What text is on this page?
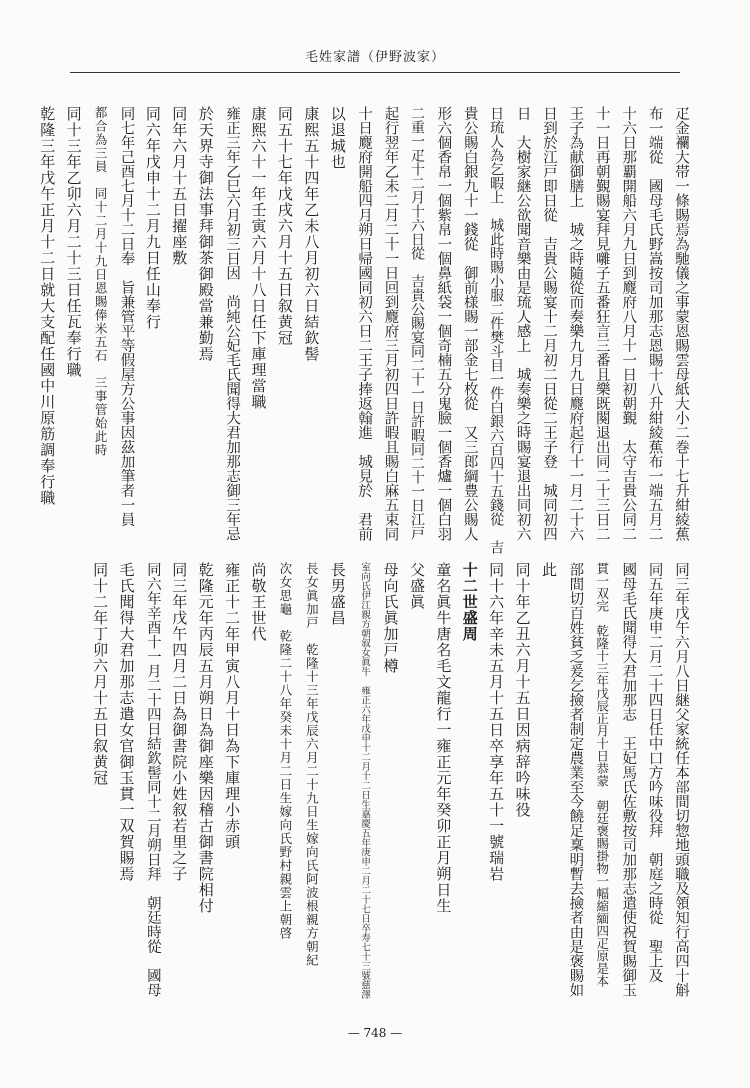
毛姓家譜（伊野波家）
疋金襴大帯一條賜焉為馳儀之事蒙恩賜雲母紙大小二巻十七升紺綾蕉
布一端從　國母毛氏野嵩按司加那志恩賜十八升紺綾蕉布一端五月二
十六日那覇開船六月九日到麑府八月十一日初朝覲　太守吉貴公同二
十一日再朝覲賜宴拜見囃子五番狂言三番且樂既闋退出同二十三日二
王子為献御膳上　城之時隨從而奏樂九月九日麑府起行十一月二十六
日到於江戸即日從　吉貴公賜宴十二月初二日從二王子登　城同初四
日　大樹家継公欲聞音樂由是琉人感上　城奏樂之時賜宴退出同初六
日琉人為乞暇上　城此時賜小服二件樊斗目一件白銀六百四十五錢從　吉
貴公賜白銀九十一錢從　御前様賜一部金七枚從　又三郎綱豊公賜人
形六個香帛一個紫帛一個鼻紙袋一個奇楠五分鬼臉一個香爐一個白羽
二重一疋十二月十六日從　吉貴公賜宴同二十一日許暇同二十一日江戸
起行翌年乙未二月二十一日回到麑府三月初四日許暇且賜白麻五束同
十日麑府開船四月朔日帰國同初六日二王子捧返翰進　城見於　君前
以退城也
康熙五十四年乙未八月初六日結欽髻
同五十七年戊戌六月十五日叙黄冠
康熙六十一年壬寅六月十八日任下庫理當職
雍正三年乙巳六月初三日因　尚純公妃毛氏聞得大君加那志御三年忌
於天界寺御法事拜御茶御殿當兼勤焉
同年六月十五日擢座敷
同六年戊申十二月九日任山奉行
同七年己酉七月十二日奉　旨兼管平等假屋方公事因茲加筆者一員
都合為三員　同十二月十九日恩賜俸米五石　三事管始此時
同十三年乙卯六月二十三日任瓦奉行職
乾隆三年戊午正月十二日就大支配任國中川原筋調奉行職
同三年戊午六月八日継父家統任本部間切惣地頭職及領知行高四十斛
同五年庚申二月二十四日任中口方吟味役拜　朝庭之時從　聖上及
國母毛氏聞得大君加那志　王妃馬氏佐敷按司加那志遣使祝賀賜御玉
貫一双完　乾隆十三年戊辰正月十日恭蒙　朝廷褒賜掛物一幅縮緬四疋原是本
部間切百姓貧乏爰乞撿者制定農業至今饒足稟明暫去撿者由是褒賜如
此
同十年乙丑六月十五日因病辞吟味役
同十六年辛未五月十五日卒享年五十一號瑞岩
十二世盛周
童名眞牛唐名毛文龍行一雍正元年癸卯正月朔日生
父盛眞
母向氏眞加戸樽
室向氏伊江親方朝叙女眞牛　雍正六年戊申十二月十二日生嘉慶五年庚申二月二十七日卒寿七十三號慈澤
長男盛昌
長女眞加戸　乾隆十三年戊辰六月二十九日生嫁向氏阿波根親方朝紀
次女思龜　乾隆二十八年癸未十月二日生嫁向氏野村親雲上朝啓
尚敬王世代
雍正十二年甲寅八月十日為下庫理小赤頭
乾隆元年丙辰五月朔日為御座樂因稽古御書院相付
同三年戊午四月二日為御書院小姓叙若里之子
同六年辛酉十一月二十四日結欽髻同十二月朔日拜　朝廷時從　國母
毛氏聞得大君加那志遣女官御玉貫一双賀賜焉
同十二年丁卯六月十五日叙黄冠
— 748 —
